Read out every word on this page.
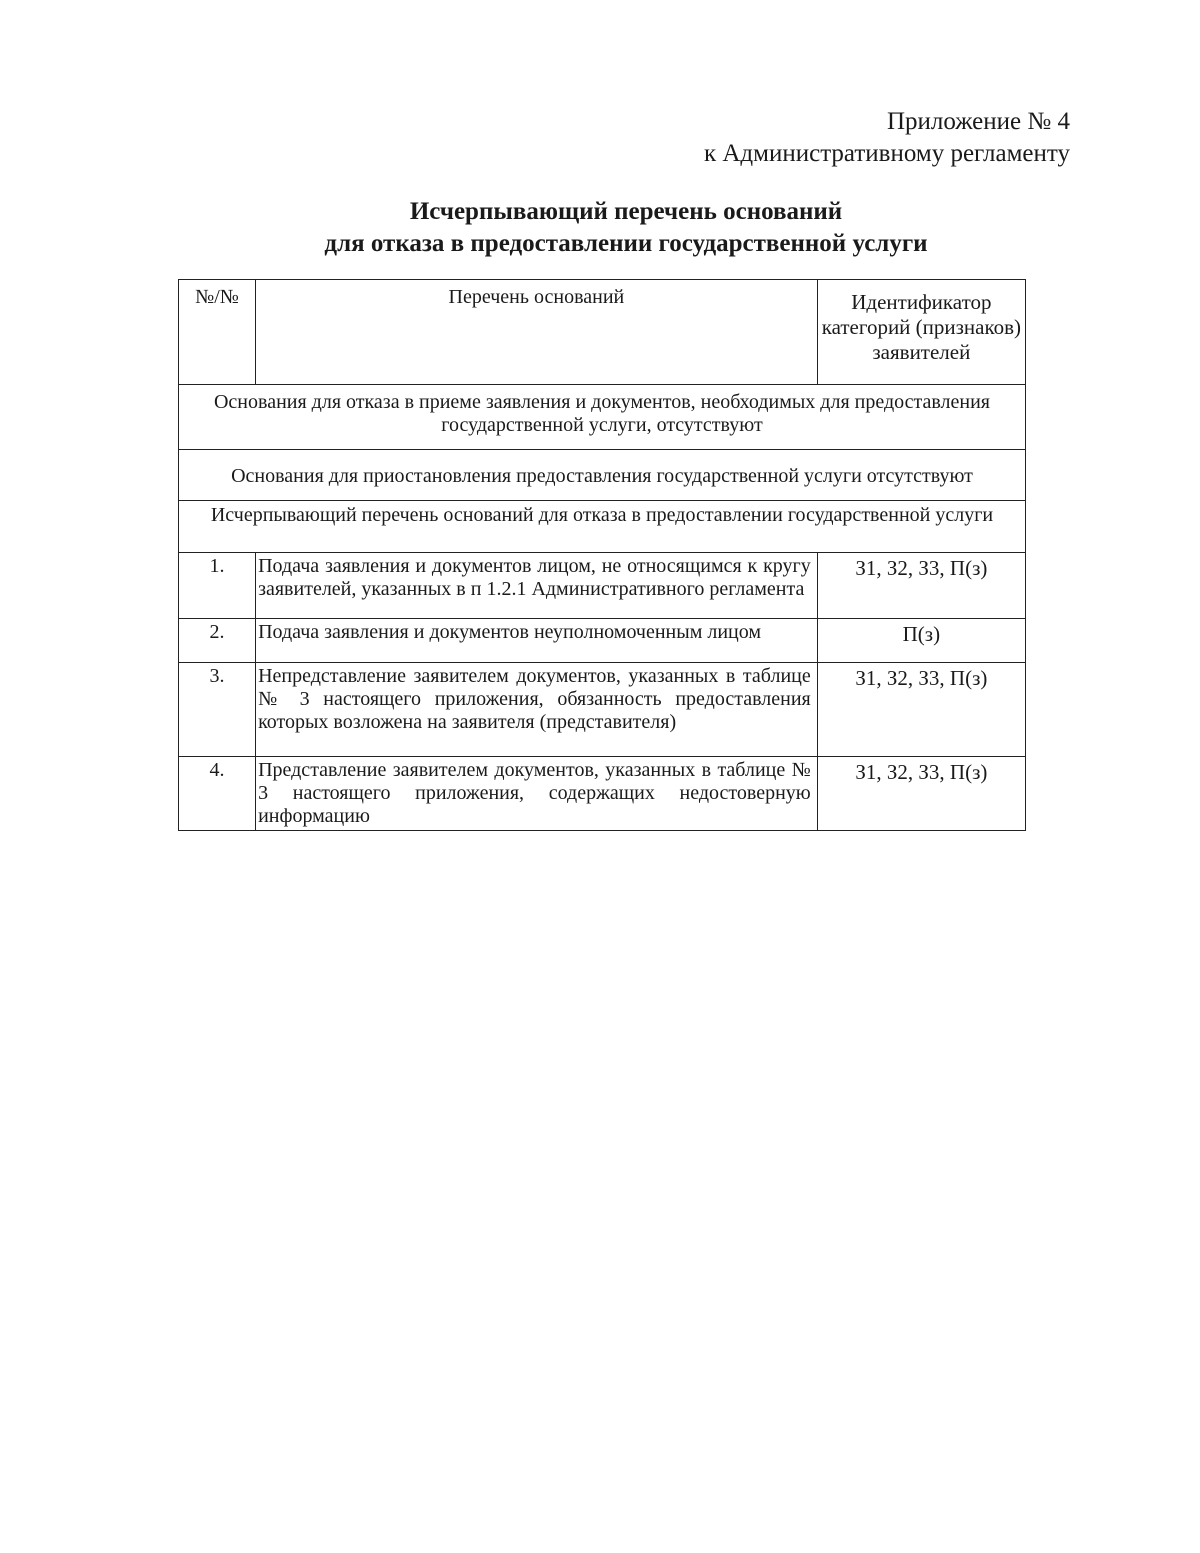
Приложение № 4
к Административному регламенту
Исчерпывающий перечень оснований
для отказа в предоставлении государственной услуги
№/№	Перечень оснований	Идентификатор категорий (признаков) заявителей
Основания для отказа в приеме заявления и документов, необходимых для предоставления государственной услуги, отсутствуют		
Основания для приостановления предоставления государственной услуги отсутствуют		
Исчерпывающий перечень оснований для отказа в предоставлении государственной услуги		
1.	Подача заявления и документов лицом, не относящимся к кругу заявителей, указанных в п 1.2.1 Административного регламента	З1, З2, З3, П(з)
2.	Подача заявления и документов неуполномоченным лицом	П(з)
3.	Непредставление заявителем документов, указанных в таблице № 3 настоящего приложения, обязанность предоставления которых возложена на заявителя (представителя)	З1, З2, З3, П(з)
4.	Представление заявителем документов, указанных в таблице № 3 настоящего приложения, содержащих недостоверную информацию	З1, З2, З3, П(з)
